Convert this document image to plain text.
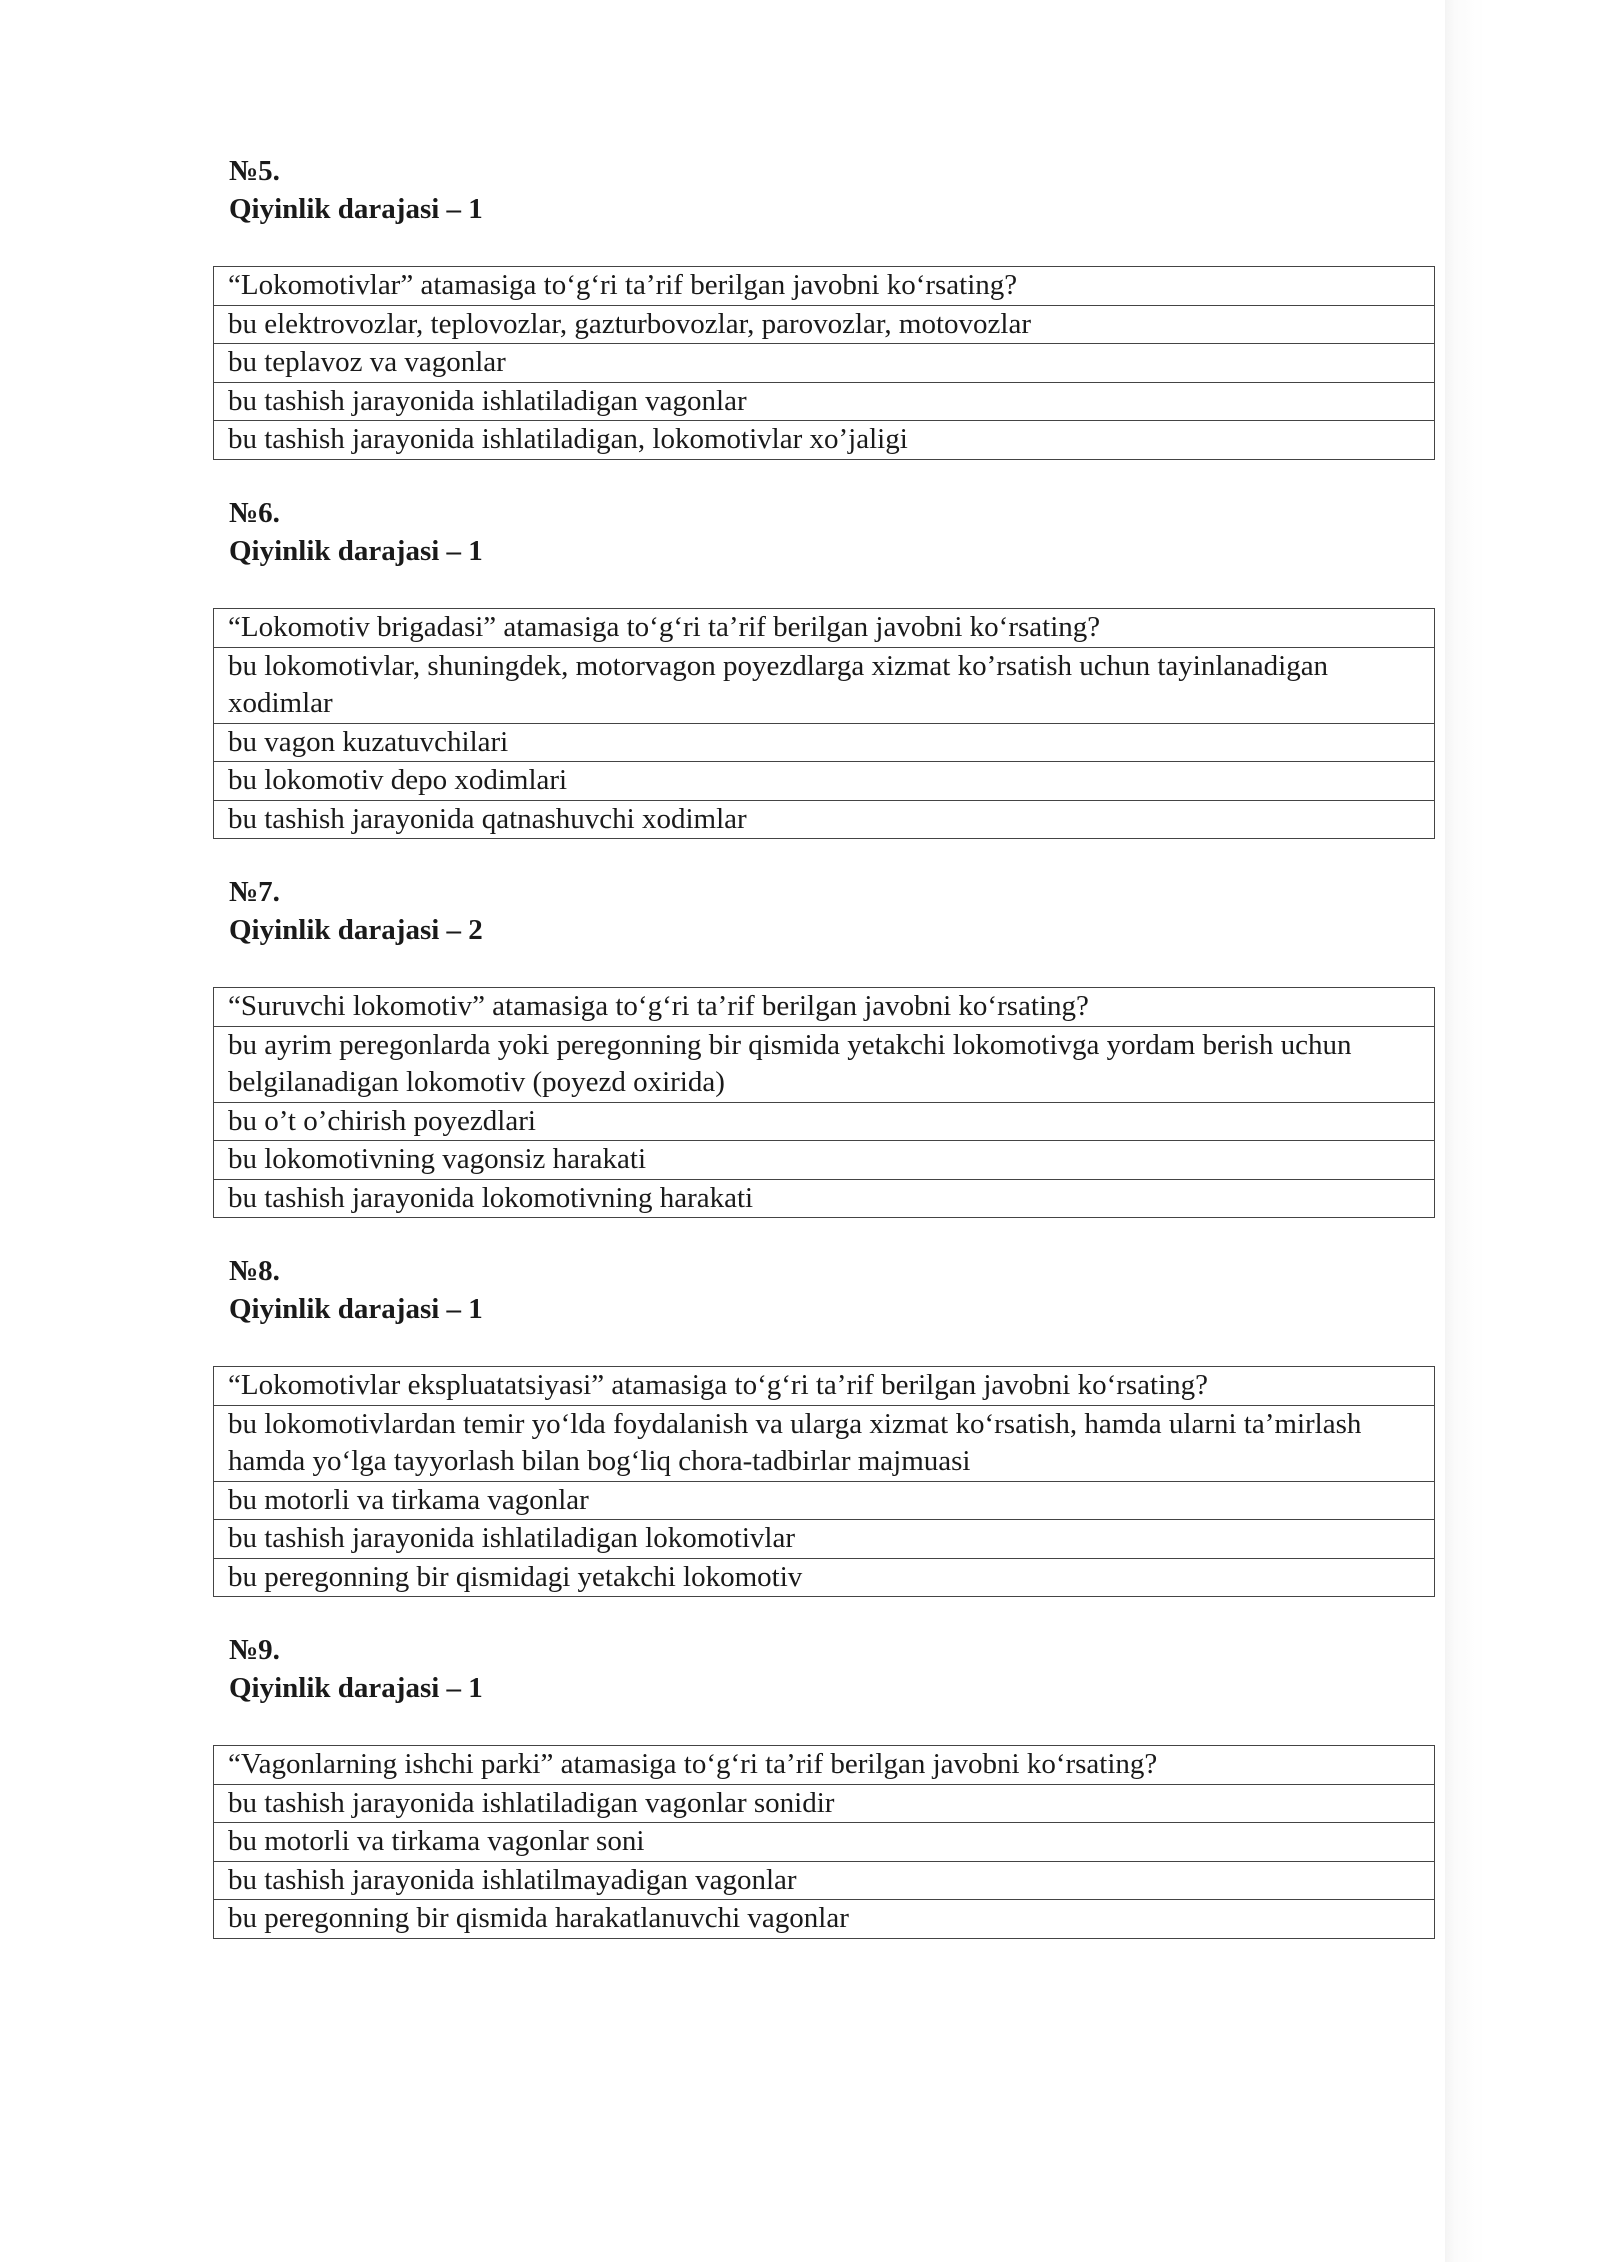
№5.
Qiyinlik darajasi – 1
“Lokomotivlar” atamasiga to‘g‘ri ta’rif berilgan javobni ko‘rsating?
bu elektrovozlar, teplovozlar, gazturbovozlar, parovozlar, motovozlar
bu teplavoz va vagonlar
bu tashish jarayonida ishlatiladigan vagonlar
bu tashish jarayonida ishlatiladigan, lokomotivlar xo’jaligi
№6.
Qiyinlik darajasi – 1
“Lokomotiv brigadasi” atamasiga to‘g‘ri ta’rif berilgan javobni ko‘rsating?
bu lokomotivlar, shuningdek, motorvagon poyezdlarga xizmat ko’rsatish uchun tayinlanadigan xodimlar
bu vagon kuzatuvchilari
bu lokomotiv depo xodimlari
bu tashish jarayonida qatnashuvchi xodimlar
№7.
Qiyinlik darajasi – 2
“Suruvchi lokomotiv” atamasiga to‘g‘ri ta’rif berilgan javobni ko‘rsating?
bu ayrim peregonlarda yoki peregonning bir qismida yetakchi lokomotivga yordam berish uchun belgilanadigan lokomotiv (poyezd oxirida)
bu o’t o’chirish poyezdlari
bu lokomotivning vagonsiz harakati
bu tashish jarayonida lokomotivning harakati
№8.
Qiyinlik darajasi – 1
“Lokomotivlar ekspluatatsiyasi” atamasiga to‘g‘ri ta’rif berilgan javobni ko‘rsating?
bu lokomotivlardan temir yo‘lda foydalanish va ularga xizmat ko‘rsatish, hamda ularni ta’mirlash hamda yo‘lga tayyorlash bilan bog‘liq chora-tadbirlar majmuasi
bu motorli va tirkama vagonlar
bu tashish jarayonida ishlatiladigan lokomotivlar
bu peregonning bir qismidagi yetakchi lokomotiv
№9.
Qiyinlik darajasi – 1
“Vagonlarning ishchi parki” atamasiga to‘g‘ri ta’rif berilgan javobni ko‘rsating?
bu tashish jarayonida ishlatiladigan vagonlar sonidir
bu motorli va tirkama vagonlar soni
bu tashish jarayonida ishlatilmayadigan vagonlar
bu peregonning bir qismida harakatlanuvchi vagonlar
